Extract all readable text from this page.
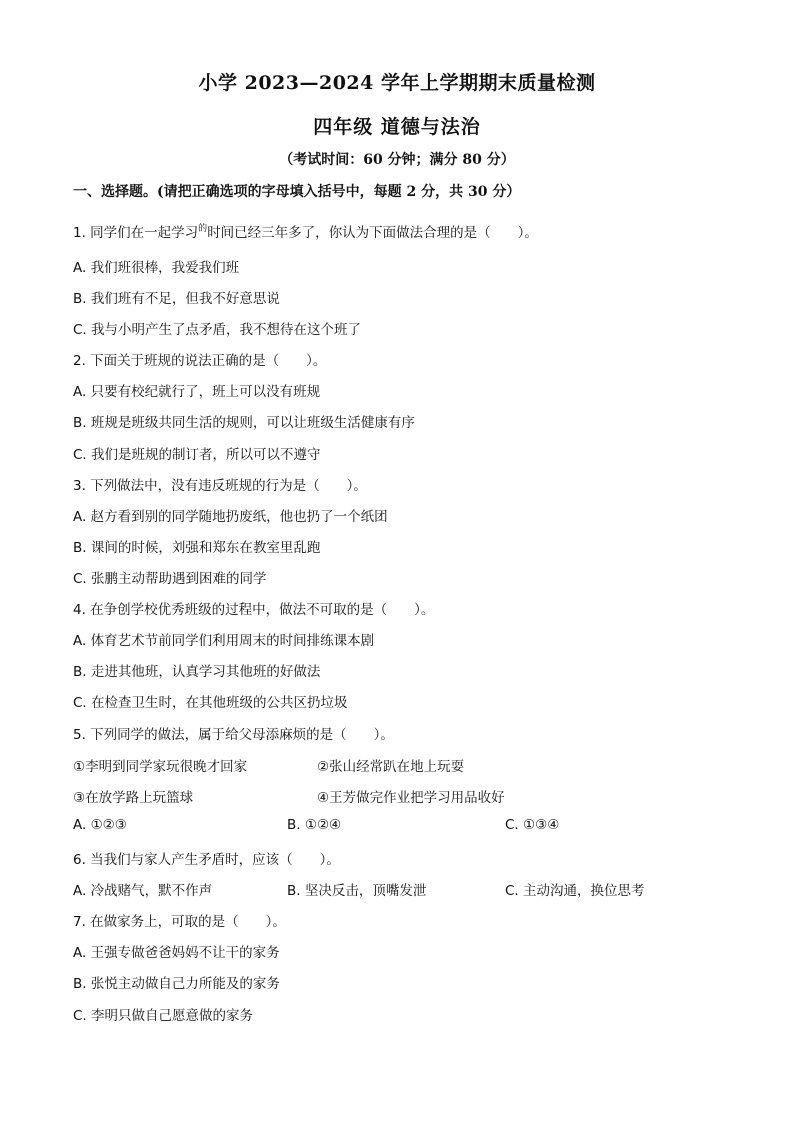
小学 2023—2024 学年上学期期末质量检测
四年级 道德与法治
（考试时间：60 分钟；满分 80 分）
一、选择题。(请把正确选项的字母填入括号中，每题 2 分，共 30 分）
1. 同学们在一起学习$^的$时间已经三年多了，你认为下面做法合理的是（　　）。
A. 我们班很棒，我爱我们班
B. 我们班有不足，但我不好意思说
C. 我与小明产生了点矛盾，我不想待在这个班了
2. 下面关于班规的说法正确的是（　　）。
A. 只要有校纪就行了，班上可以没有班规
B. 班规是班级共同生活的规则，可以让班级生活健康有序
C. 我们是班规的制订者，所以可以不遵守
3. 下列做法中，没有违反班规的行为是（　　）。
A. 赵方看到别的同学随地扔废纸，他也扔了一个纸团
B. 课间的时候，刘强和郑东在教室里乱跑
C. 张鹏主动帮助遇到困难的同学
4. 在争创学校优秀班级的过程中，做法不可取的是（　　）。
A. 体育艺术节前同学们利用周末的时间排练课本剧
B. 走进其他班，认真学习其他班的好做法
C. 在检查卫生时，在其他班级的公共区扔垃圾
5. 下列同学的做法，属于给父母添麻烦的是（　　）。
①李明到同学家玩很晚才回家	②张山经常趴在地上玩耍
③在放学路上玩篮球	④王芳做完作业把学习用品收好
A. ①②③	B. ①②④	C. ①③④
6. 当我们与家人产生矛盾时，应该（　　）。
A. 冷战赌气，默不作声	B. 坚决反击，顶嘴发泄	C. 主动沟通，换位思考
7. 在做家务上，可取的是（　　）。
A. 王强专做爸爸妈妈不让干的家务
B. 张悦主动做自己力所能及的家务
C. 李明只做自己愿意做的家务
